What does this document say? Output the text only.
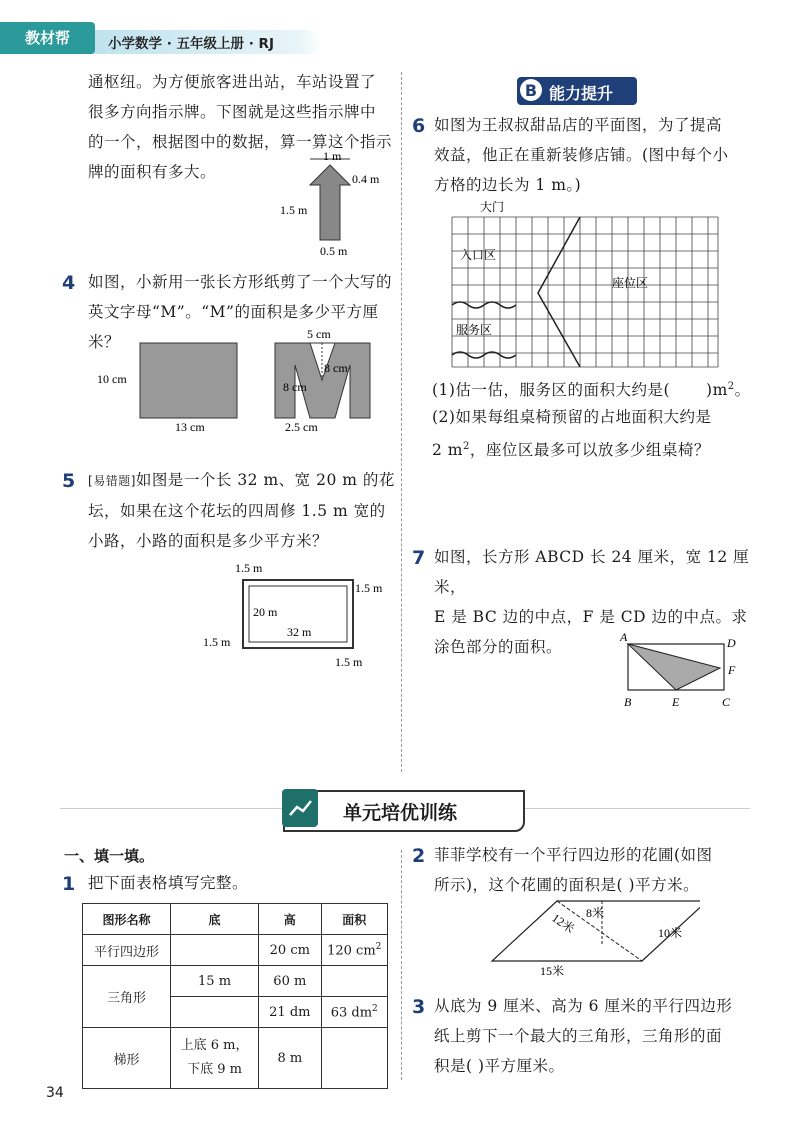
教材帮	小学数学 · 五年级上册 · RJ
通枢纽。为方便旅客进出站，车站设置了
很多方向指示牌。下图就是这些指示牌中
的一个，根据图中的数据，算一算这个指示
牌的面积有多大。
1 m
0.4 m
1.5 m
0.5 m
4 如图，小新用一张长方形纸剪了一个大写的
英文字母“M”。“M”的面积是多少平方厘米？
10 cm
13 cm
5 cm
8 cm
8 cm
2.5 cm
5 [易错题]如图是一个长 32 m、宽 20 m 的花
坛，如果在这个花坛的四周修 1.5 m 宽的
小路，小路的面积是多少平方米？
1.5 m
1.5 m
20 m
32 m
1.5 m
1.5 m
B 能力提升
6 如图为王叔叔甜品店的平面图，为了提高
效益，他正在重新装修店铺。(图中每个小
方格的边长为 1 m。)
大门
入口区
座位区
服务区
(1)估一估，服务区的面积大约是( )$m^2$。
(2)如果每组桌椅预留的占地面积大约是
2 $m^2$，座位区最多可以放多少组桌椅？
7 如图，长方形 ABCD 长 24 厘米，宽 12 厘米，
E 是 BC 边的中点，F 是 CD 边的中点。求
涂色部分的面积。
A	D
F
B	E	C
单元培优训练
一、填一填。
1 把下面表格填写完整。
图形名称	底	高	面积
平行四边形		20 cm	120 $cm^2$
三角形	15 m	60 m	
		21 dm	63 $dm^2$
梯形	上底 6 m，
下底 9 m	8 m	
2 菲菲学校有一个平行四边形的花圃(如图
所示)，这个花圃的面积是( )平方米。
12米 8米
10米
15米
3 从底为 9 厘米、高为 6 厘米的平行四边形
纸上剪下一个最大的三角形，三角形的面
积是( )平方厘米。
34
